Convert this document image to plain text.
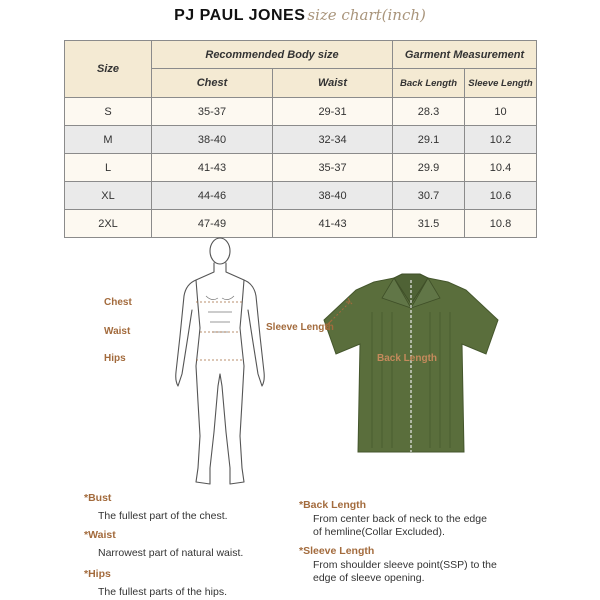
PJ PAUL JONES size chart(inch)
Size	Recommended Body size		Garment Measurement	
	Chest	Waist	Back Length	Sleeve Length
S	35-37	29-31	28.3	10
M	38-40	32-34	29.1	10.2
L	41-43	35-37	29.9	10.4
XL	44-46	38-40	30.7	10.6
2XL	47-49	41-43	31.5	10.8
Chest
Waist
Hips
Sleeve Length
Back Length
*Bust
The fullest part of the chest.
*Waist
Narrowest part of natural waist.
*Hips
The fullest parts of the hips.
*Back Length
From center back of neck to the edge
of hemline(Collar Excluded).
*Sleeve Length
From shoulder sleeve point(SSP) to the
edge of sleeve opening.
